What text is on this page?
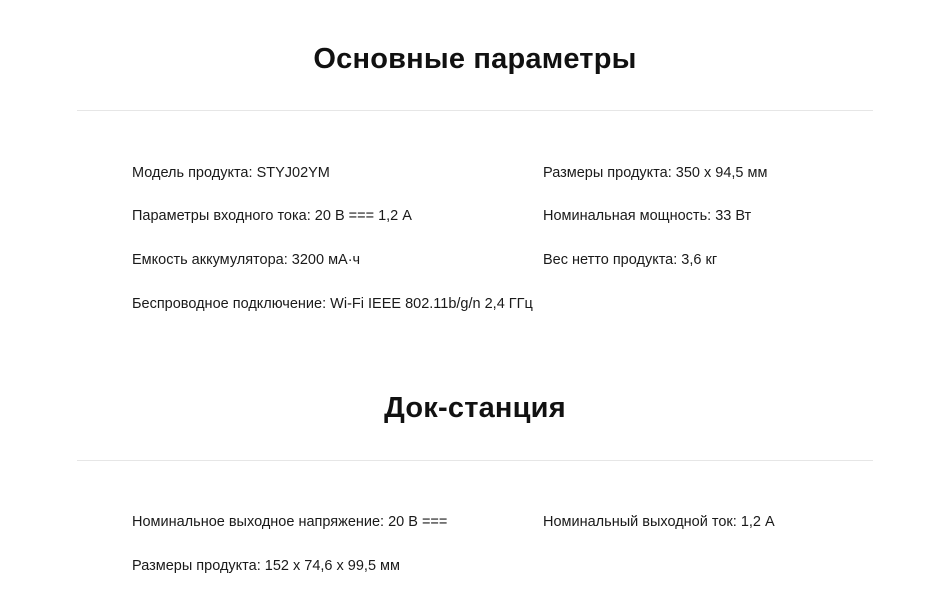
Основные параметры
Модель продукта: STYJ02YM	Размеры продукта: 350 x 94,5 мм
Параметры входного тока: 20 В === 1,2 А	Номинальная мощность: 33 Вт
Емкость аккумулятора: 3200 мА·ч	Вес нетто продукта: 3,6 кг
Беспроводное подключение: Wi-Fi IEEE 802.11b/g/n 2,4 ГГц
Док-станция
Номинальное выходное напряжение: 20 В ===	Номинальный выходной ток: 1,2 А
Размеры продукта: 152 x 74,6 x 99,5 мм
